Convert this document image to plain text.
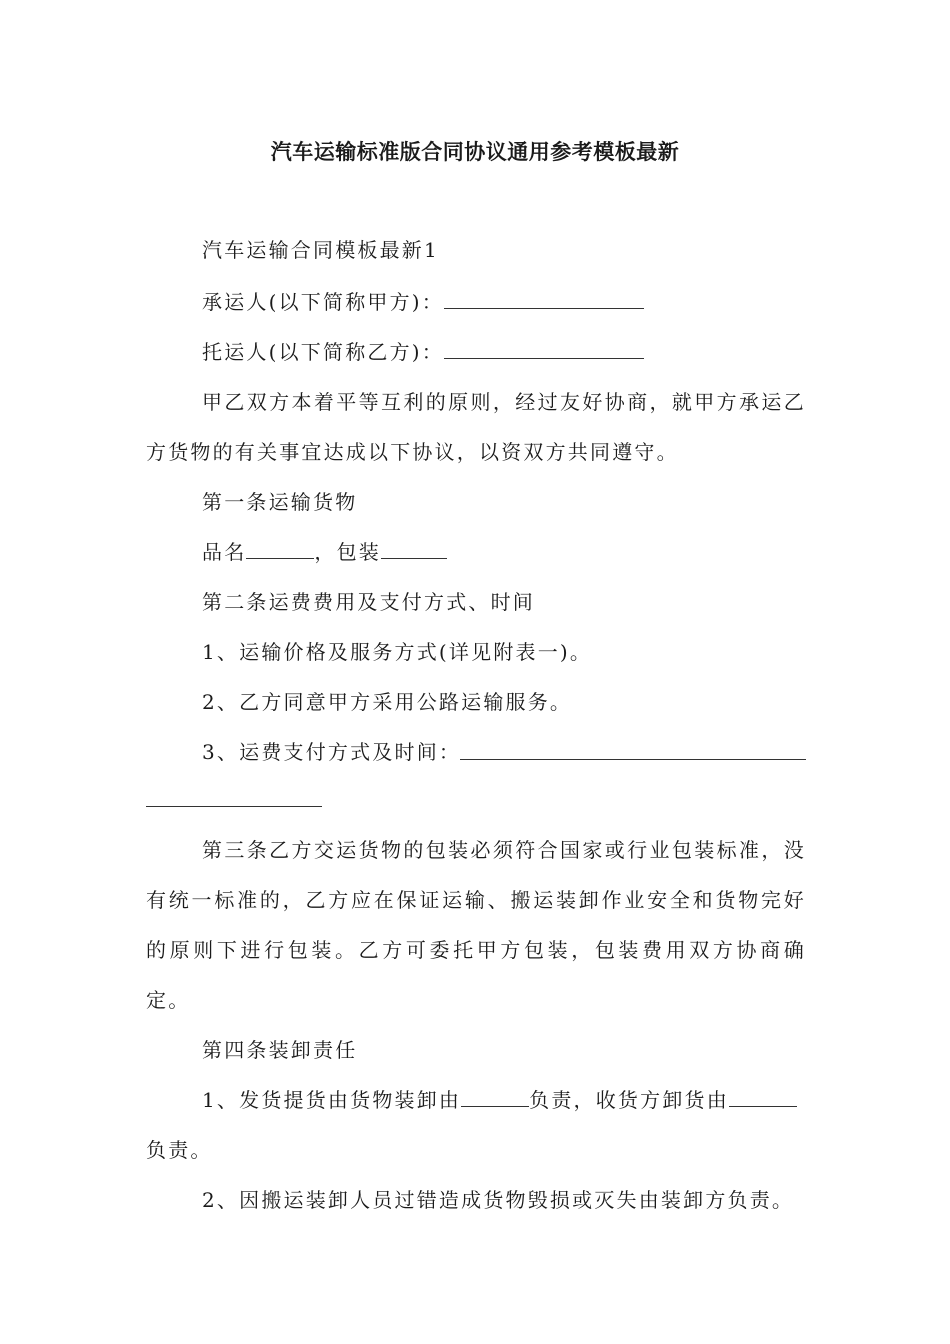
汽车运输标准版合同协议通用参考模板最新

汽车运输合同模板最新1

承运人(以下简称甲方)：

托运人(以下简称乙方)：

甲乙双方本着平等互利的原则，经过友好协商，就甲方承运乙

方货物的有关事宜达成以下协议，以资双方共同遵守。

第一条运输货物

品名	，包装

第二条运费费用及支付方式、时间

1、运输价格及服务方式(详见附表一)。

2、乙方同意甲方采用公路运输服务。

3、运费支付方式及时间：

第三条乙方交运货物的包装必须符合国家或行业包装标准，没

有统一标准的，乙方应在保证运输、搬运装卸作业安全和货物完好

的原则下进行包装。乙方可委托甲方包装，包装费用双方协商确

定。

第四条装卸责任

1、发货提货由货物装卸由	负责，收货方卸货由

负责。

2、因搬运装卸人员过错造成货物毁损或灭失由装卸方负责。
